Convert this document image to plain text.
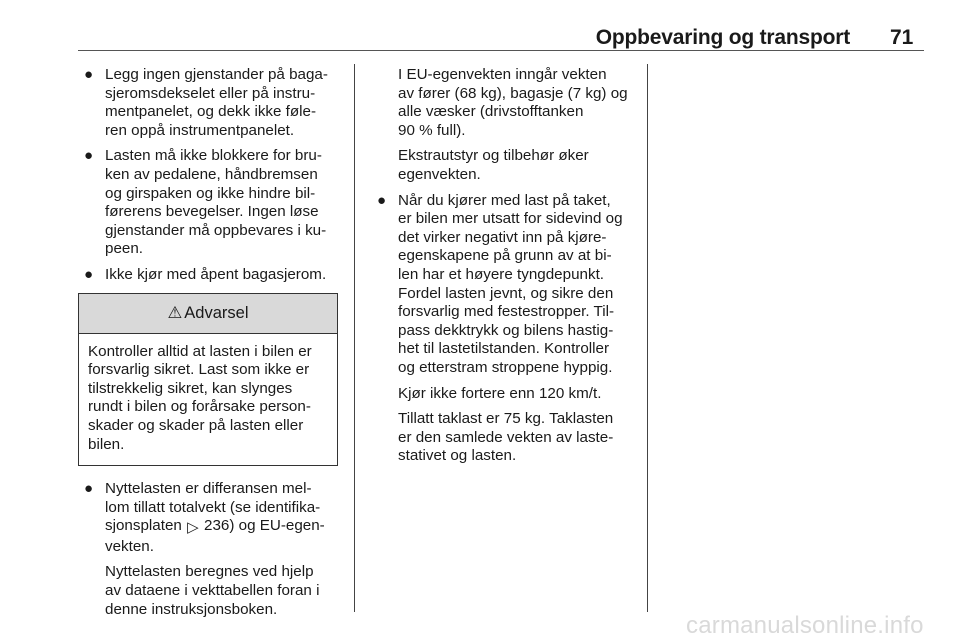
Oppbevaring og transport 71
● Legg ingen gjenstander på baga-
sjeromsdekselet eller på instru-
mentpanelet, og dekk ikke føle-
ren oppå instrumentpanelet.
● Lasten må ikke blokkere for bru-
ken av pedalene, håndbremsen
og girspaken og ikke hindre bil-
førerens bevegelser. Ingen løse
gjenstander må oppbevares i ku-
peen.
● Ikke kjør med åpent bagasjerom.
⚠ Advarsel
Kontroller alltid at lasten i bilen er
forsvarlig sikret. Last som ikke er
tilstrekkelig sikret, kan slynges
rundt i bilen og forårsake person-
skader og skader på lasten eller
bilen.
● Nyttelasten er differansen mel-
lom tillatt totalvekt (se identifika-
sjonsplaten ▷ 236) og EU-egen-
vekten.
Nyttelasten beregnes ved hjelp
av dataene i vekttabellen foran i
denne instruksjonsboken.
I EU-egenvekten inngår vekten
av fører (68 kg), bagasje (7 kg) og
alle væsker (drivstofftanken
90 % full).
Ekstrautstyr og tilbehør øker
egenvekten.
● Når du kjører med last på taket,
er bilen mer utsatt for sidevind og
det virker negativt inn på kjøre-
egenskapene på grunn av at bi-
len har et høyere tyngdepunkt.
Fordel lasten jevnt, og sikre den
forsvarlig med festestropper. Til-
pass dekktrykk og bilens hastig-
het til lastetilstanden. Kontroller
og etterstram stroppene hyppig.
Kjør ikke fortere enn 120 km/t.
Tillatt taklast er 75 kg. Taklasten
er den samlede vekten av laste-
stativet og lasten.
carmanualsonline.info
